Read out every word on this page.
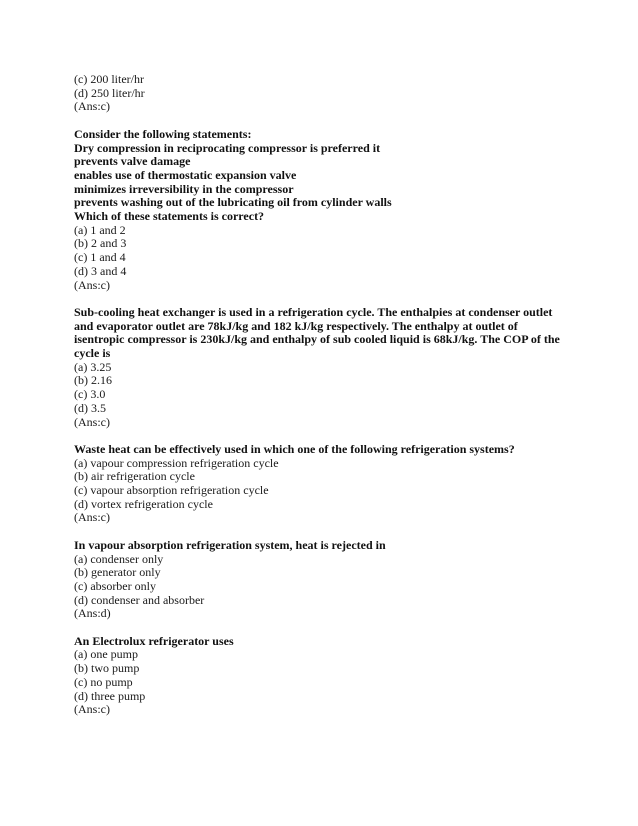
(c) 200 liter/hr
(d) 250 liter/hr
(Ans:c)
Consider the following statements:
Dry compression in reciprocating compressor is preferred it
prevents valve damage
enables use of thermostatic expansion valve
minimizes irreversibility in the compressor
prevents washing out of the lubricating oil from cylinder walls
Which of these statements is correct?
(a) 1 and 2
(b) 2 and 3
(c) 1 and 4
(d) 3 and 4
(Ans:c)
Sub-cooling heat exchanger is used in a refrigeration cycle. The enthalpies at condenser outlet and evaporator outlet are 78kJ/kg and 182 kJ/kg respectively. The enthalpy at outlet of isentropic compressor is 230kJ/kg and enthalpy of sub cooled liquid is 68kJ/kg. The COP of the cycle is
(a) 3.25
(b) 2.16
(c) 3.0
(d) 3.5
(Ans:c)
Waste heat can be effectively used in which one of the following refrigeration systems?
(a) vapour compression refrigeration cycle
(b) air refrigeration cycle
(c) vapour absorption refrigeration cycle
(d) vortex refrigeration cycle
(Ans:c)
In vapour absorption refrigeration system, heat is rejected in
(a) condenser only
(b) generator only
(c) absorber only
(d) condenser and absorber
(Ans:d)
An Electrolux refrigerator uses
(a) one pump
(b) two pump
(c) no pump
(d) three pump
(Ans:c)
